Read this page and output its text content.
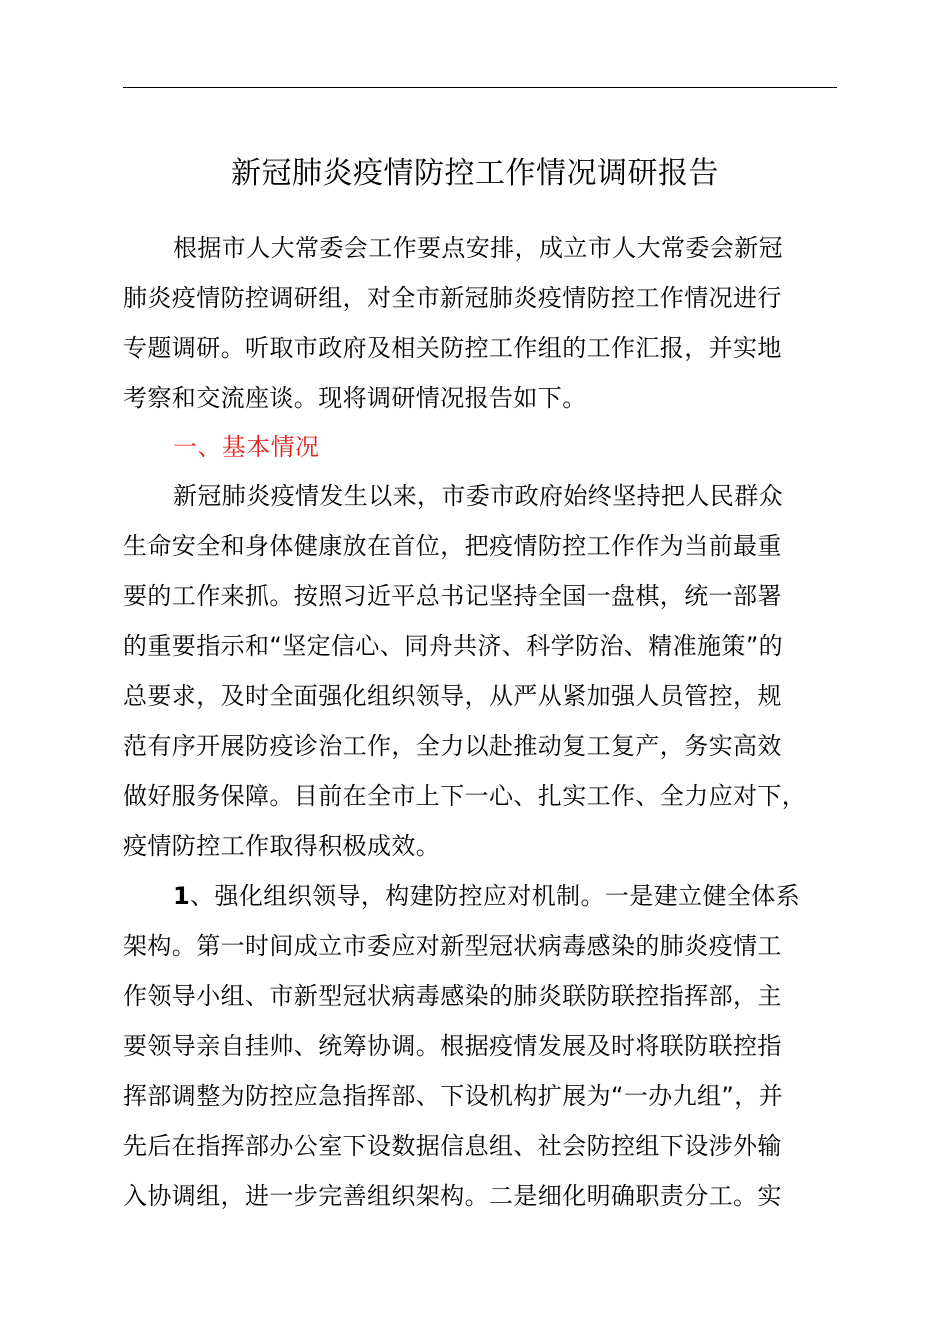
新冠肺炎疫情防控工作情况调研报告
根据市人大常委会工作要点安排，成立市人大常委会新冠
肺炎疫情防控调研组，对全市新冠肺炎疫情防控工作情况进行
专题调研。听取市政府及相关防控工作组的工作汇报，并实地
考察和交流座谈。现将调研情况报告如下。
一、基本情况
新冠肺炎疫情发生以来，市委市政府始终坚持把人民群众
生命安全和身体健康放在首位，把疫情防控工作作为当前最重
要的工作来抓。按照习近平总书记坚持全国一盘棋，统一部署
的重要指示和“坚定信心、同舟共济、科学防治、精准施策”的
总要求，及时全面强化组织领导，从严从紧加强人员管控，规
范有序开展防疫诊治工作，全力以赴推动复工复产，务实高效
做好服务保障。目前在全市上下一心、扎实工作、全力应对下，
疫情防控工作取得积极成效。
1、强化组织领导，构建防控应对机制。一是建立健全体系
架构。第一时间成立市委应对新型冠状病毒感染的肺炎疫情工
作领导小组、市新型冠状病毒感染的肺炎联防联控指挥部，主
要领导亲自挂帅、统筹协调。根据疫情发展及时将联防联控指
挥部调整为防控应急指挥部、下设机构扩展为“一办九组”，并
先后在指挥部办公室下设数据信息组、社会防控组下设涉外输
入协调组，进一步完善组织架构。二是细化明确职责分工。实
